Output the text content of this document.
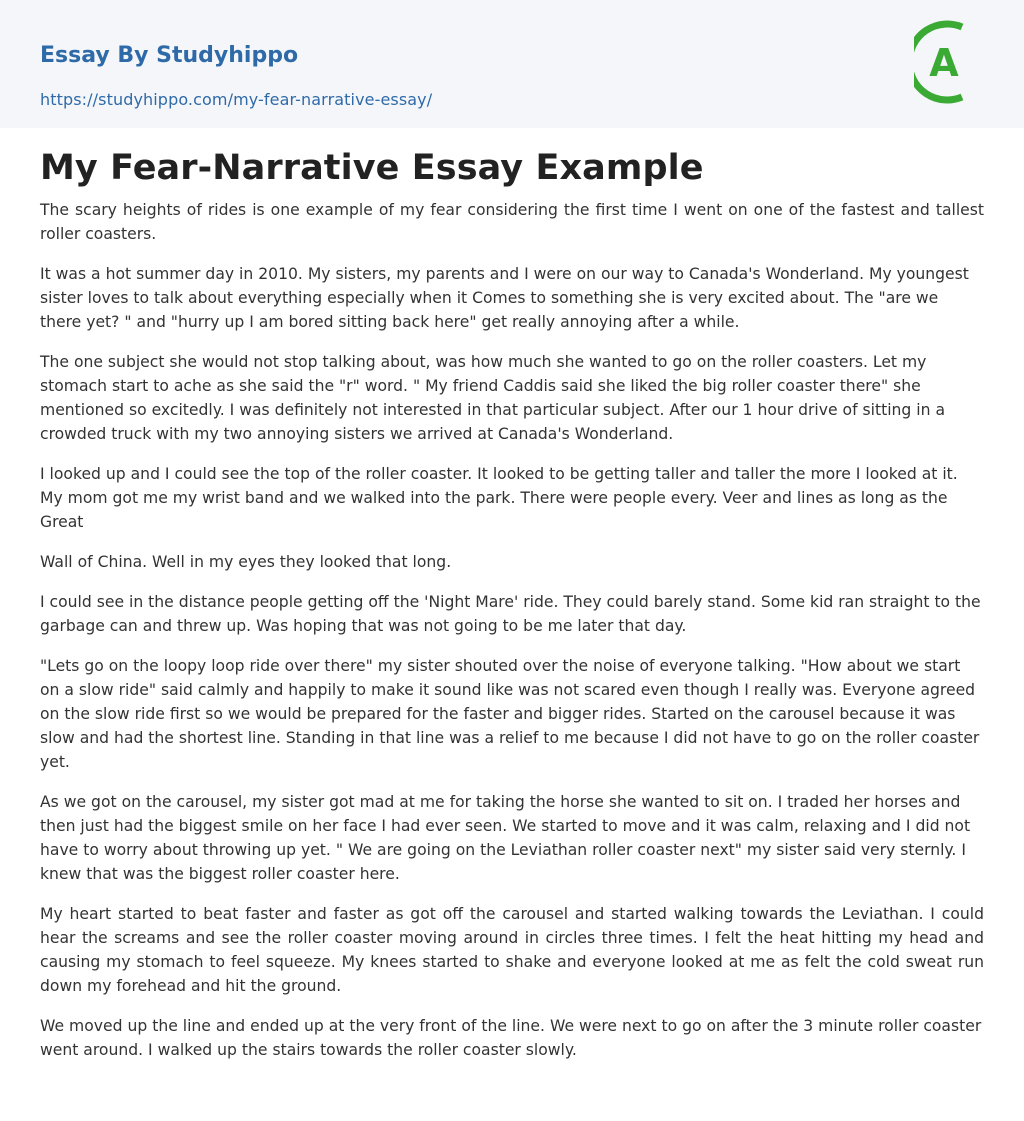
Essay By Studyhippo
https://studyhippo.com/my-fear-narrative-essay/
A
My Fear-Narrative Essay Example

The scary heights of rides is one example of my fear considering the first time I went on one of the fastest and tallest roller coasters.

It was a hot summer day in 2010. My sisters, my parents and I were on our way to Canada's Wonderland. My youngest sister loves to talk about everything especially when it Comes to something she is very excited about. The "are we there yet? " and "hurry up I am bored sitting back here" get really annoying after a while.

The one subject she would not stop talking about, was how much she wanted to go on the roller coasters. Let my stomach start to ache as she said the "r" word. " My friend Caddis said she liked the big roller coaster there" she mentioned so excitedly. I was definitely not interested in that particular subject. After our 1 hour drive of sitting in a crowded truck with my two annoying sisters we arrived at Canada's Wonderland.

I looked up and I could see the top of the roller coaster. It looked to be getting taller and taller the more I looked at it. My mom got me my wrist band and we walked into the park. There were people every. Veer and lines as long as the Great

Wall of China. Well in my eyes they looked that long.

I could see in the distance people getting off the 'Night Mare' ride. They could barely stand. Some kid ran straight to the garbage can and threw up. Was hoping that was not going to be me later that day.

"Lets go on the loopy loop ride over there" my sister shouted over the noise of everyone talking. "How about we start on a slow ride" said calmly and happily to make it sound like was not scared even though I really was. Everyone agreed on the slow ride first so we would be prepared for the faster and bigger rides. Started on the carousel because it was slow and had the shortest line. Standing in that line was a relief to me because I did not have to go on the roller coaster yet.

As we got on the carousel, my sister got mad at me for taking the horse she wanted to sit on. I traded her horses and then just had the biggest smile on her face I had ever seen. We started to move and it was calm, relaxing and I did not have to worry about throwing up yet. " We are going on the Leviathan roller coaster next" my sister said very sternly. I knew that was the biggest roller coaster here.

My heart started to beat faster and faster as got off the carousel and started walking towards the Leviathan. I could hear the screams and see the roller coaster moving around in circles three times. I felt the heat hitting my head and causing my stomach to feel squeeze. My knees started to shake and everyone looked at me as felt the cold sweat run down my forehead and hit the ground.

We moved up the line and ended up at the very front of the line. We were next to go on after the 3 minute roller coaster went around. I walked up the stairs towards the roller coaster slowly.
